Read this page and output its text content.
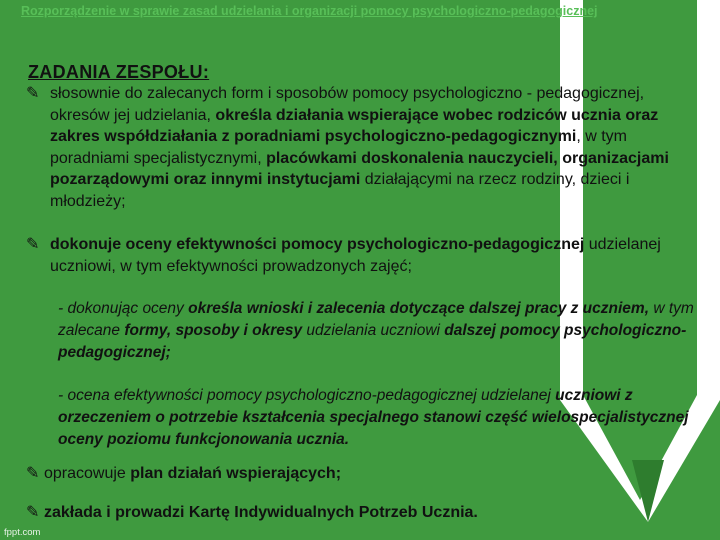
Rozporządzenie w sprawie zasad udzielania i organizacji pomocy psychologiczno-pedagogicznej
ZADANIA ZESPOŁU:
✎ słosownie do zalecanych form i sposobów pomocy psychologiczno - pedagogicznej, okresów jej udzielania, określa działania wspierające wobec rodziców ucznia oraz zakres współdziałania z poradniami psychologiczno-pedagogicznymi, w tym poradniami specjalistycznymi, placówkami doskonalenia nauczycieli, organizacjami pozarządowymi oraz innymi instytucjami działającymi na rzecz rodziny, dzieci i młodzieży;
✎ dokonuje oceny efektywności pomocy psychologiczno-pedagogicznej udzielanej uczniowi, w tym efektywności prowadzonych zajęć;
- dokonując oceny określa wnioski i zalecenia dotyczące dalszej pracy z uczniem, w tym zalecane formy, sposoby i okresy udzielania uczniowi dalszej pomocy psychologiczno-pedagogicznej;
- ocena efektywności pomocy psychologiczno-pedagogicznej udzielanej uczniowi z orzeczeniem o potrzebie kształcenia specjalnego stanowi część wielospecjalistycznej oceny poziomu funkcjonowania ucznia.
✎ opracowuje plan działań wspierających;
✎ zakłada i prowadzi Kartę Indywidualnych Potrzeb Ucznia.
fppt.com
